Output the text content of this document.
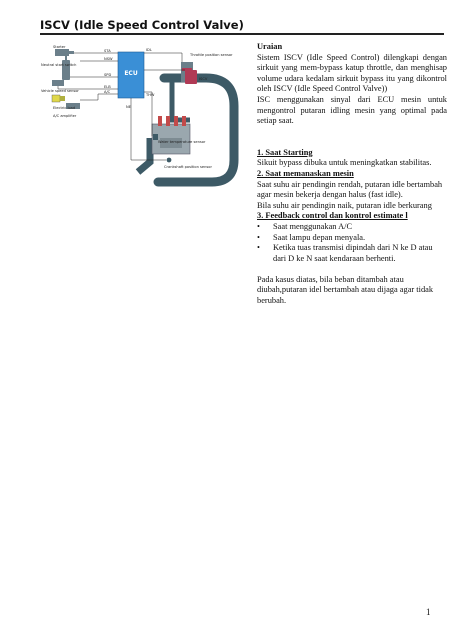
ISCV (Idle Speed Control Valve)
ECU
Starter
Neutral start switch
Vehicle speed sensor
Electric load
A/C amplifier
STA
NSW
SPD
ELB
A/C
IDL
THW
NE
ISCV
Throttle position sensor
Water temperature sensor
Crankshaft position sensor

Uraian

Sistem ISCV (Idle Speed Control) dilengkapi dengan sirkuit yang mem-bypass katup throttle, dan menghisap volume udara kedalam sirkuit bypass itu yang dikontrol oleh ISCV (Idle Speed Control Valve))

ISC menggunakan sinyal dari ECU mesin untuk mengontrol putaran idling mesin yang optimal pada setiap saat.

1. Saat Starting

Sikuit bypass dibuka untuk meningkatkan stabilitas.

2. Saat memanaskan mesin

Saat suhu air pendingin rendah, putaran idle bertambah agar mesin bekerja dengan halus (fast idle).

Bila suhu air pendingin naik, putaran idle berkurang

3. Feedback control dan kontrol estimate l

• Saat menggunakan A/C
• Saat lampu depan menyala.
• Ketika tuas transmisi dipindah dari N ke D atau dari D ke N saat kendaraan berhenti.

Pada kasus diatas, bila beban ditambah atau diubah,putaran idel bertambah atau dijaga agar tidak berubah.

1
